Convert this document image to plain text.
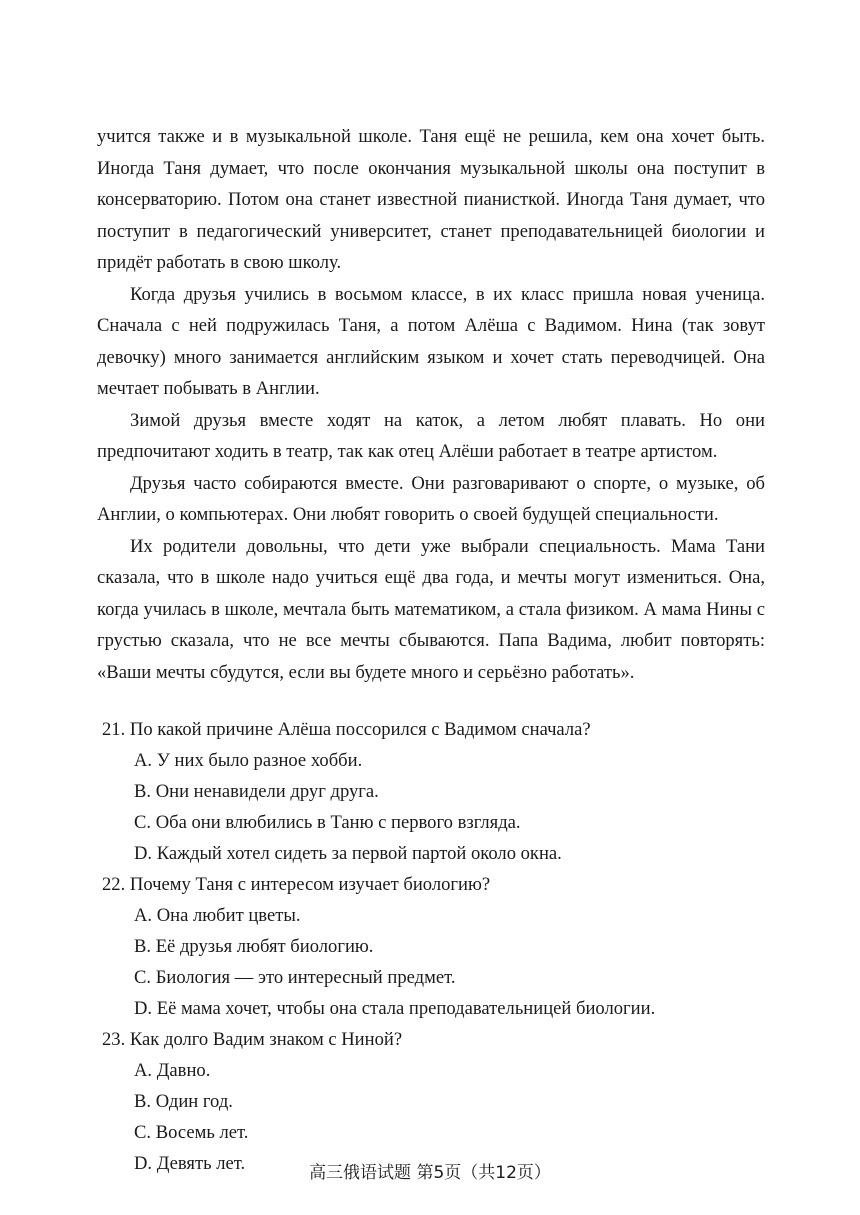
учится также и в музыкальной школе. Таня ещё не решила, кем она хочет быть. Иногда Таня думает, что после окончания музыкальной школы она поступит в консерваторию. Потом она станет известной пианисткой. Иногда Таня думает, что поступит в педагогический университет, станет преподавательницей биологии и придёт работать в свою школу.

Когда друзья учились в восьмом классе, в их класс пришла новая ученица. Сначала с ней подружилась Таня, а потом Алёша с Вадимом. Нина (так зовут девочку) много занимается английским языком и хочет стать переводчицей. Она мечтает побывать в Англии.

Зимой друзья вместе ходят на каток, а летом любят плавать. Но они предпочитают ходить в театр, так как отец Алёши работает в театре артистом.

Друзья часто собираются вместе. Они разговаривают о спорте, о музыке, об Англии, о компьютерах. Они любят говорить о своей будущей специальности.

Их родители довольны, что дети уже выбрали специальность. Мама Тани сказала, что в школе надо учиться ещё два года, и мечты могут измениться. Она, когда училась в школе, мечтала быть математиком, а стала физиком. А мама Нины с грустью сказала, что не все мечты сбываются. Папа Вадима, любит повторять: «Ваши мечты сбудутся, если вы будете много и серьёзно работать».

21. По какой причине Алёша поссорился с Вадимом сначала?
A. У них было разное хобби.
B. Они ненавидели друг друга.
C. Оба они влюбились в Таню с первого взгляда.
D. Каждый хотел сидеть за первой партой около окна.
22. Почему Таня с интересом изучает биологию?
A. Она любит цветы.
B. Её друзья любят биологию.
C. Биология — это интересный предмет.
D. Её мама хочет, чтобы она стала преподавательницей биологии.
23. Как долго Вадим знаком с Ниной?
A. Давно.
B. Один год.
C. Восемь лет.
D. Девять лет.	高三俄语试题 第5页（共12页）
